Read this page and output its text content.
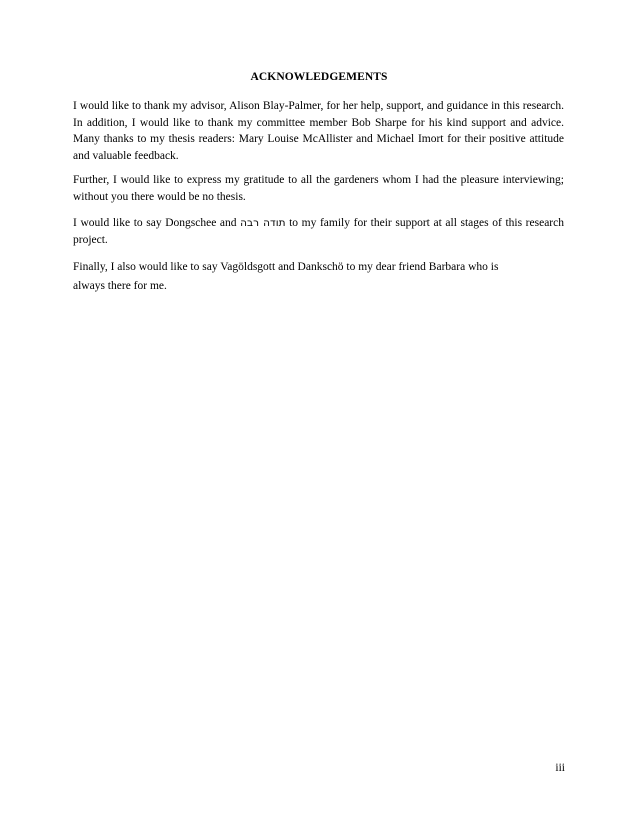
ACKNOWLEDGEMENTS

I would like to thank my advisor, Alison Blay-Palmer, for her help, support, and guidance in this research. In addition, I would like to thank my committee member Bob Sharpe for his kind support and advice. Many thanks to my thesis readers: Mary Louise McAllister and Michael Imort for their positive attitude and valuable feedback.

Further, I would like to express my gratitude to all the gardeners whom I had the pleasure interviewing; without you there would be no thesis.

I would like to say Dongschee and תודה רבה to my family for their support at all stages of this research project.

Finally, I also would like to say Vagöldsgott and Dankschö to my dear friend Barbara who is
always there for me.

iii
